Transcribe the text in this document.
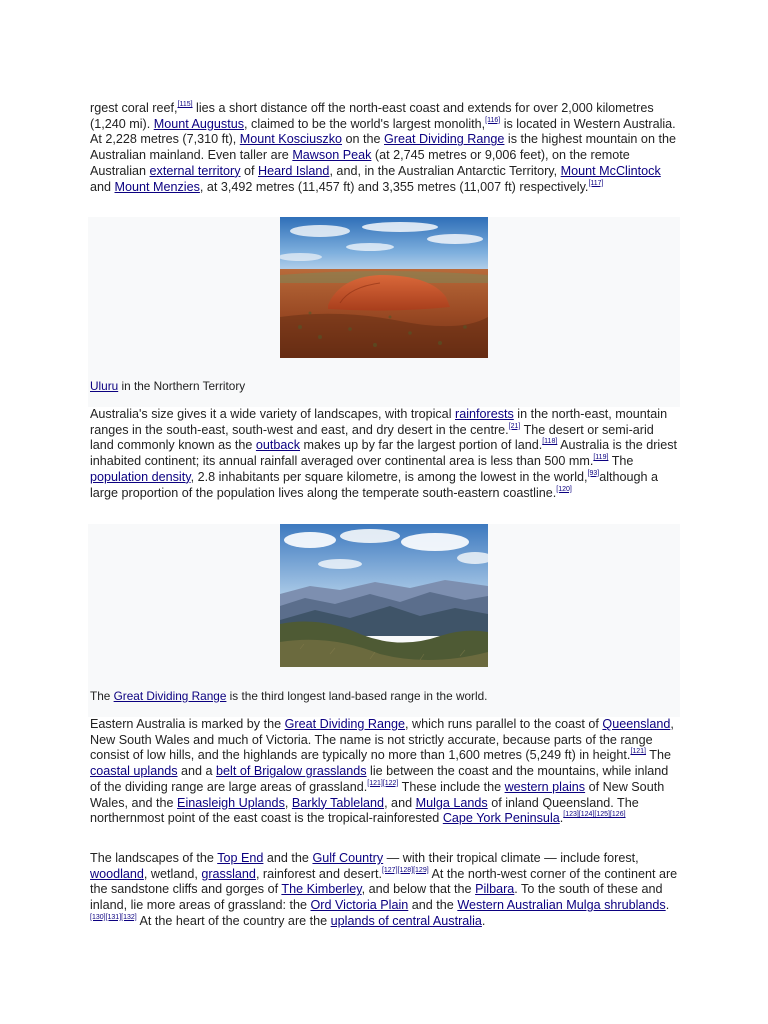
rgest coral reef,[115] lies a short distance off the north-east coast and extends for over 2,000 kilometres (1,240 mi). Mount Augustus, claimed to be the world's largest monolith,[116] is located in Western Australia. At 2,228 metres (7,310 ft), Mount Kosciuszko on the Great Dividing Range is the highest mountain on the Australian mainland. Even taller are Mawson Peak (at 2,745 metres or 9,006 feet), on the remote Australian external territory of Heard Island, and, in the Australian Antarctic Territory, Mount McClintock and Mount Menzies, at 3,492 metres (11,457 ft) and 3,355 metres (11,007 ft) respectively.[117]

Uluru in the Northern Territory

Australia's size gives it a wide variety of landscapes, with tropical rainforests in the north-east, mountain ranges in the south-east, south-west and east, and dry desert in the centre.[21] The desert or semi-arid land commonly known as the outback makes up by far the largest portion of land.[118] Australia is the driest inhabited continent; its annual rainfall averaged over continental area is less than 500 mm.[119] The population density, 2.8 inhabitants per square kilometre, is among the lowest in the world,[93]although a large proportion of the population lives along the temperate south-eastern coastline.[120]

The Great Dividing Range is the third longest land-based range in the world.

Eastern Australia is marked by the Great Dividing Range, which runs parallel to the coast of Queensland, New South Wales and much of Victoria. The name is not strictly accurate, because parts of the range consist of low hills, and the highlands are typically no more than 1,600 metres (5,249 ft) in height.[121] The coastal uplands and a belt of Brigalow grasslands lie between the coast and the mountains, while inland of the dividing range are large areas of grassland.[121][122] These include the western plains of New South Wales, and the Einasleigh Uplands, Barkly Tableland, and Mulga Lands of inland Queensland. The northernmost point of the east coast is the tropical-rainforested Cape York Peninsula.[123][124][125][126]

The landscapes of the Top End and the Gulf Country — with their tropical climate — include forest, woodland, wetland, grassland, rainforest and desert.[127][128][129] At the north-west corner of the continent are the sandstone cliffs and gorges of The Kimberley, and below that the Pilbara. To the south of these and inland, lie more areas of grassland: the Ord Victoria Plain and the Western Australian Mulga shrublands.[130][131][132] At the heart of the country are the uplands of central Australia.
